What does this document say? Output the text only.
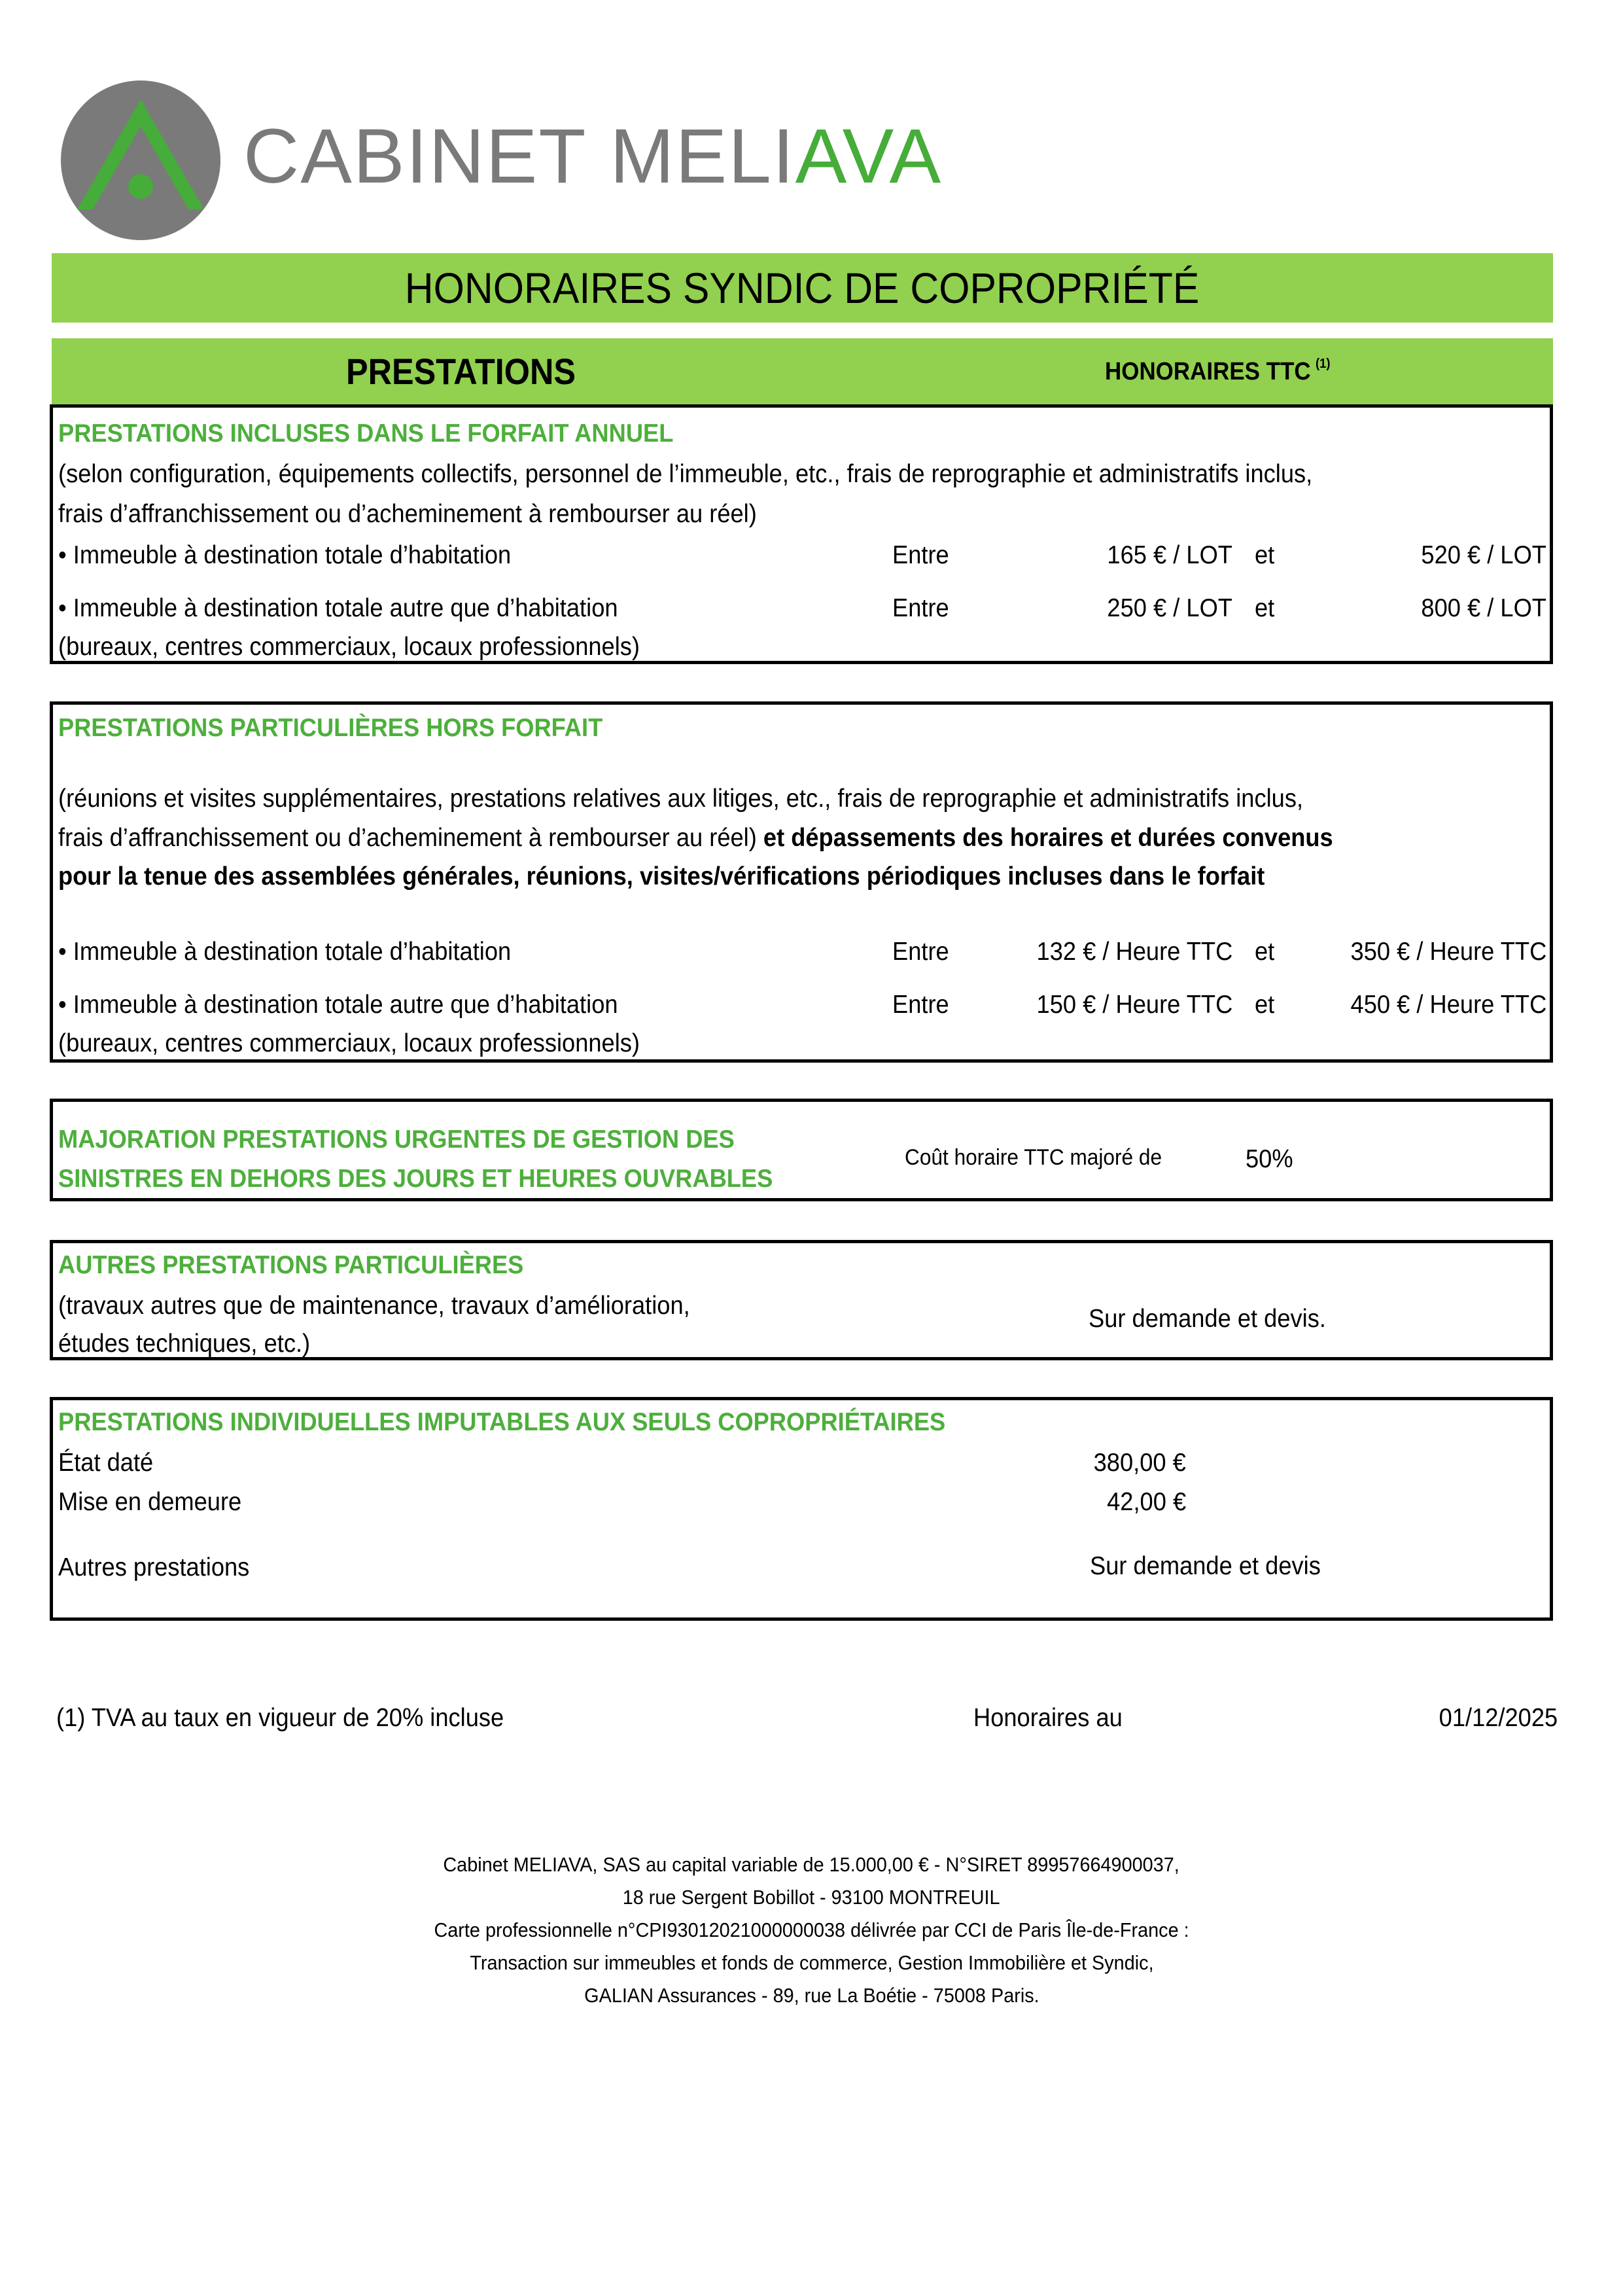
CABINET MELIAVA
HONORAIRES SYNDIC DE COPROPRIÉTÉ
PRESTATIONS	HONORAIRES TTC $^{(1)}$
PRESTATIONS INCLUSES DANS LE FORFAIT ANNUEL
(selon configuration, équipements collectifs, personnel de l’immeuble, etc., frais de reprographie et administratifs inclus,
frais d’affranchissement ou d’acheminement à rembourser au réel)
• Immeuble à destination totale d’habitation	Entre	165 € / LOT et	520 € / LOT
• Immeuble à destination totale autre que d’habitation
(bureaux, centres commerciaux, locaux professionnels)
Entre	250 € / LOT et	800 € / LOT
PRESTATIONS PARTICULIÈRES HORS FORFAIT
(réunions et visites supplémentaires, prestations relatives aux litiges, etc., frais de reprographie et administratifs inclus,
frais d’affranchissement ou d’acheminement à rembourser au réel) et dépassements des horaires et durées convenus
pour la tenue des assemblées générales, réunions, visites/vérifications périodiques incluses dans le forfait
• Immeuble à destination totale d’habitation	Entre	132 € / Heure TTC et	350 € / Heure TTC
• Immeuble à destination totale autre que d’habitation
(bureaux, centres commerciaux, locaux professionnels)
Entre	150 € / Heure TTC et	450 € / Heure TTC
MAJORATION PRESTATIONS URGENTES DE GESTION DES
SINISTRES EN DEHORS DES JOURS ET HEURES OUVRABLES
Coût horaire TTC majoré de	50%
AUTRES PRESTATIONS PARTICULIÈRES
(travaux autres que de maintenance, travaux d’amélioration,
études techniques, etc.)
Sur demande et devis.
PRESTATIONS INDIVIDUELLES IMPUTABLES AUX SEULS COPROPRIÉTAIRES
État daté	380,00 €
Mise en demeure	42,00 €
Autres prestations	Sur demande et devis
(1) TVA au taux en vigueur de 20% incluse	Honoraires au	01/12/2025
Cabinet MELIAVA, SAS au capital variable de 15.000,00 € - N°SIRET 89957664900037,
18 rue Sergent Bobillot - 93100 MONTREUIL
Carte professionnelle n°CPI93012021000000038 délivrée par CCI de Paris Île-de-France :
Transaction sur immeubles et fonds de commerce, Gestion Immobilière et Syndic,
GALIAN Assurances - 89, rue La Boétie - 75008 Paris.
